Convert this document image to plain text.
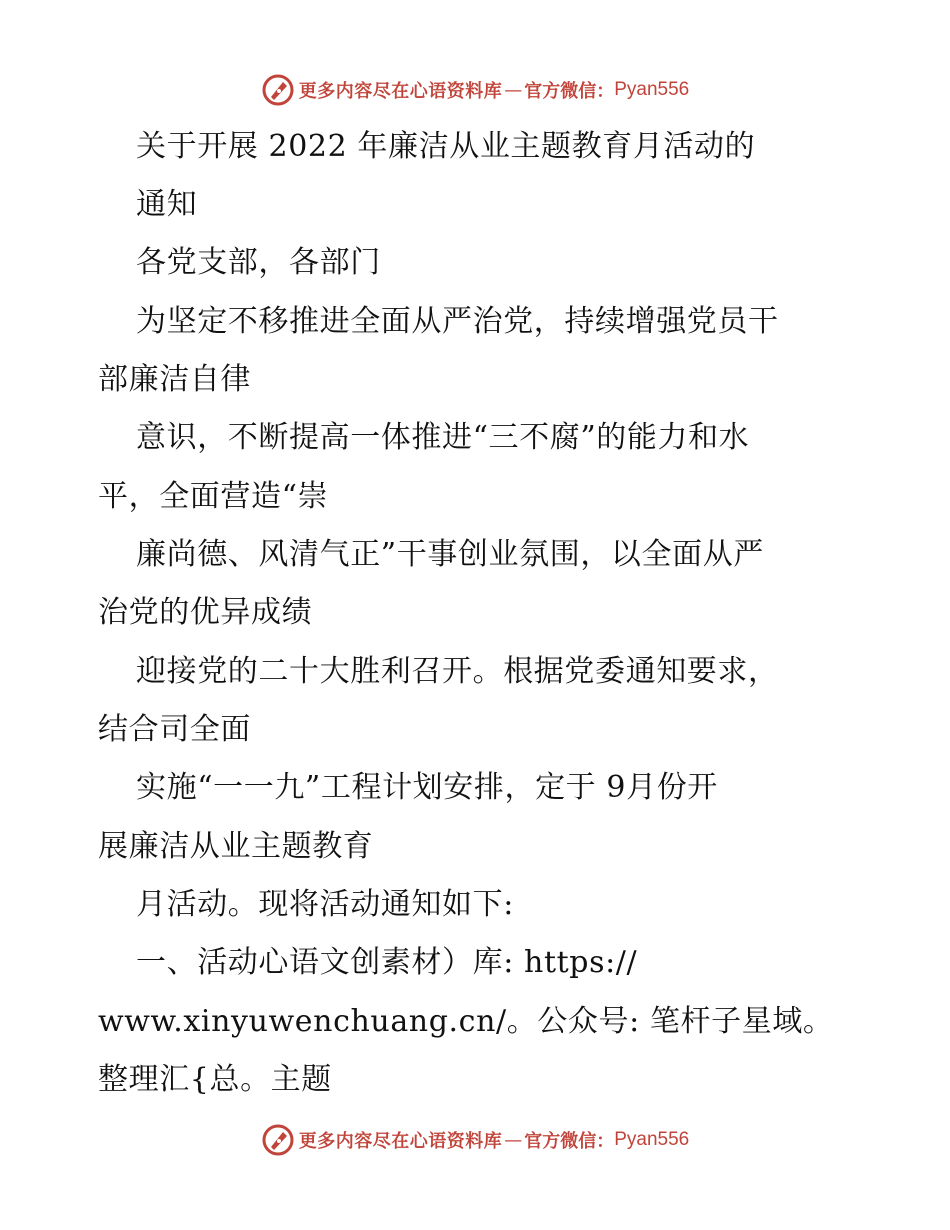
更多内容尽在心语资料库 — 官方微信： Pyan556
关于开展 2022 年廉洁从业主题教育月活动的
通知
各党支部，各部门
为坚定不移推进全面从严治党，持续增强党员干
部廉洁自律
意识，不断提高一体推进“三不腐”的能力和水
平，全面营造“崇
廉尚德、风清气正”干事创业氛围，以全面从严
治党的优异成绩
迎接党的二十大胜利召开。根据党委通知要求，
结合司全面
实施“一一九”工程计划安排，定于 9月份开
展廉洁从业主题教育
月活动。现将活动通知如下:
一、活动心语文创素材）库: https://
www.xinyuwenchuang.cn/。公众号: 笔杆子星域。
整理汇{总。主题
更多内容尽在心语资料库 — 官方微信： Pyan556
